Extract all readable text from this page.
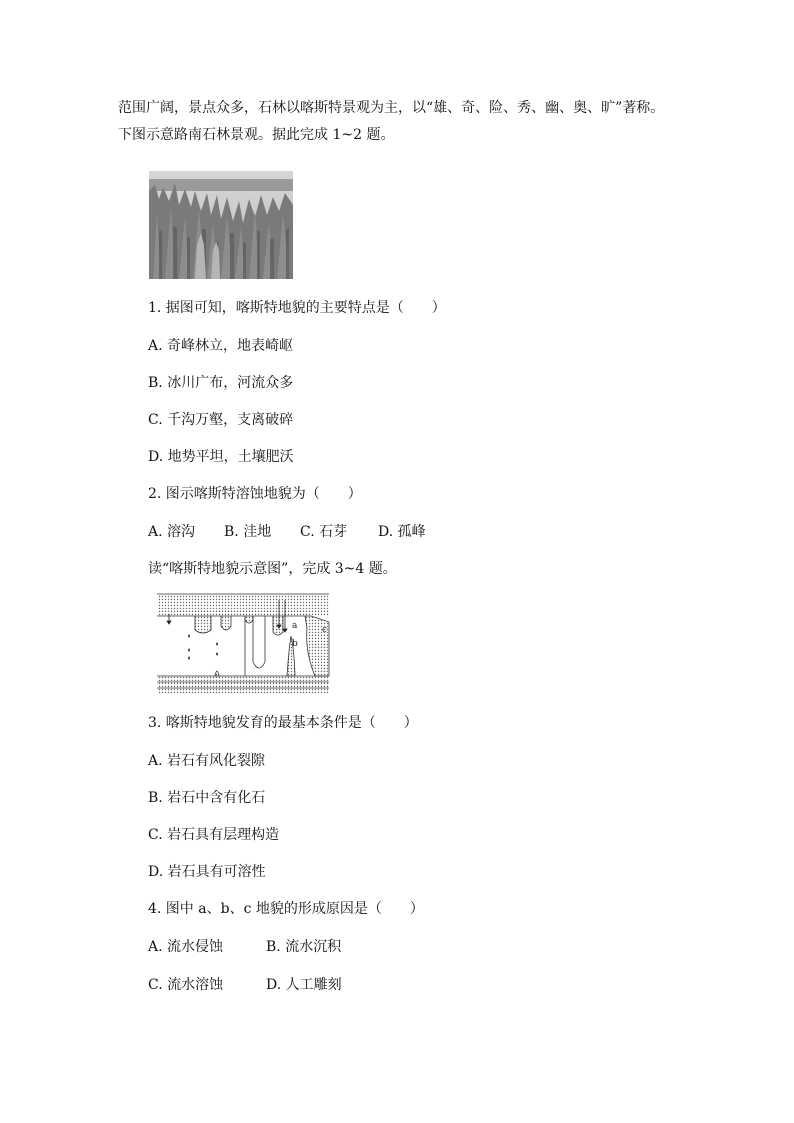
范围广阔，景点众多，石林以喀斯特景观为主，以“雄、奇、险、秀、幽、奥、旷”著称。
下图示意路南石林景观。据此完成 1~2 题。
1. 据图可知，喀斯特地貌的主要特点是（　　）
A. 奇峰林立，地表崎岖
B. 冰川广布，河流众多
C. 千沟万壑，支离破碎
D. 地势平坦，土壤肥沃
2. 图示喀斯特溶蚀地貌为（　　）
A. 溶沟 B. 洼地 C. 石芽 D. 孤峰
读“喀斯特地貌示意图”，完成 3~4 题。
a
b
c
3. 喀斯特地貌发育的最基本条件是（　　）
A. 岩石有风化裂隙
B. 岩石中含有化石
C. 岩石具有层理构造
D. 岩石具有可溶性
4. 图中 a、b、c 地貌的形成原因是（　　）
A. 流水侵蚀	B. 流水沉积
C. 流水溶蚀	D. 人工雕刻
